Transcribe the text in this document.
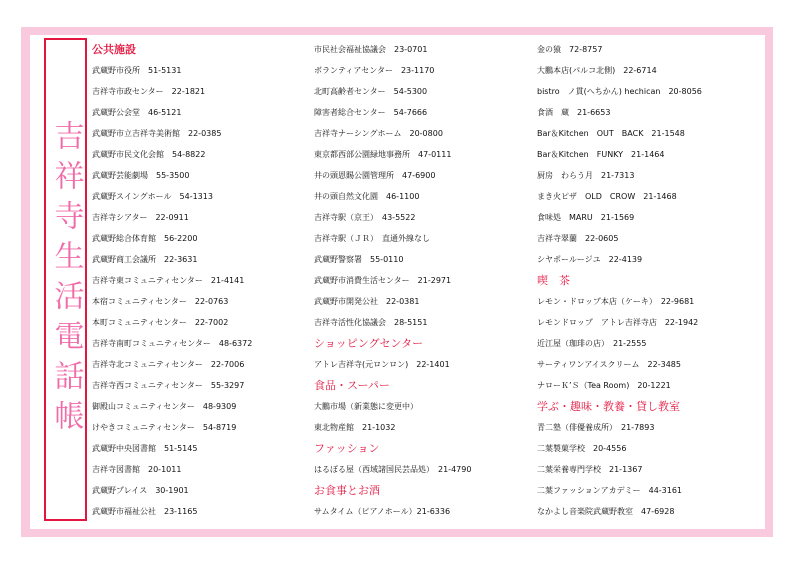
吉祥寺生活電話帳
公共施設
武蔵野市役所　51-5131
吉祥寺市政センター　22-1821
武蔵野公会堂　46-5121
武蔵野市立吉祥寺美術館　22-0385
武蔵野市民文化会館　54-8822
武蔵野芸能劇場　55-3500
武蔵野スイングホール　54-1313
吉祥寺シアター　22-0911
武蔵野総合体育館　56-2200
武蔵野商工会議所　22-3631
吉祥寺東コミュニティセンター　21-4141
本宿コミュニティセンター　22-0763
本町コミュニティセンター　22-7002
吉祥寺南町コミュニティセンター　48-6372
吉祥寺北コミュニティセンター　22-7006
吉祥寺西コミュニティセンター　55-3297
御殿山コミュニティセンター　48-9309
けやきコミュニティセンター　54-8719
武蔵野中央図書館　51-5145
吉祥寺図書館　20-1011
武蔵野プレイス　30-1901
武蔵野市福祉公社　23-1165
市民社会福祉協議会　23-0701
ボランティアセンター　23-1170
北町高齢者センター　54-5300
障害者総合センター　54-7666
吉祥寺ナーシングホーム　20-0800
東京都西部公園緑地事務所　47-0111
井の頭恩賜公園管理所　47-6900
井の頭自然文化園　46-1100
吉祥寺駅（京王）　43-5522
吉祥寺駅（ＪＲ）　直通外線なし
武蔵野警察署　55-0110
武蔵野市消費生活センター　21-2971
武蔵野市開発公社　22-0381
吉祥寺活性化協議会　28-5151
ショッピングセンター
アトレ吉祥寺(元ロンロン)　22-1401
食品・スーパー
大鵬市場（新業態に変更中）
東北物産館　21-1032
ファッション
はるぼる屋（西域諸国民芸品処）　21-4790
お食事とお酒
サムタイム（ピアノホール）21-6336
金の猿　72-8757
大鵬本店(パルコ北側)　22-6714
bistro　ノ貫(へちかん) hechican　20-8056
食酒　蔵　21-6653
Bar＆Kitchen　OUT　BACK　21-1548
Bar＆Kitchen　FUNKY　21-1464
厨房　わらう月　21-7313
まき火ピザ　OLD　CROW　21-1468
食味処　MARU　21-1569
吉祥寺翠蘭　22-0605
シヤポールージユ　22-4139
喫　茶
レモン・ドロップ本店（ケーキ）　22-9681
レモンドロップ　アトレ吉祥寺店　22-1942
近江屋（珈琲の店）　21-2555
サーティワンアイスクリーム　22-3485
ナローＫ’Ｓ（Tea Room)　20-1221
学ぶ・趣味・教養・貸し教室
青二塾（俳優養成所）　21-7893
二葉製菓学校　20-4556
二葉栄養専門学校　21-1367
二葉ファッションアカデミー　44-3161
なかよし音楽院武蔵野教室　47-6928
